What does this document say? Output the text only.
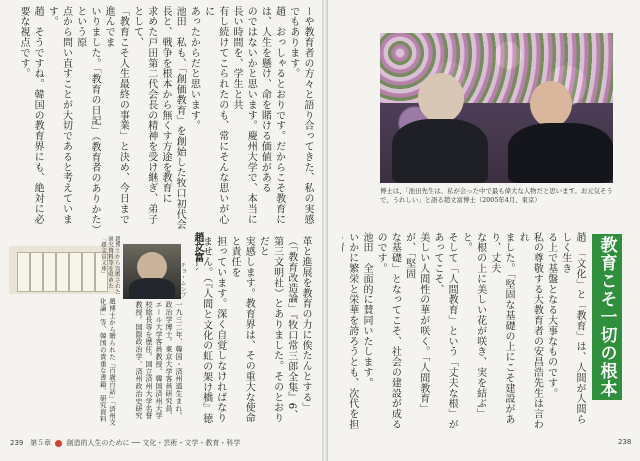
ーや教育者の方々と語り合ってきた、私の実感でもあります。
趙　おっしゃるとおりです。だからこそ教育には、人生を懸け、命を賭ける価値がある
のではないかと思います。慶州大学で、本当に長い時間を、学生と共
有し続けてこられたのも、常にそんな思いが心に
あったからだと思います。
池田　私も、「創価教育」を創始した牧口初代会長と、戦争を根本から無くす方途を教育に
求めた戸田第二代会長の精神を受け継ぎ、弟子として、
「教育こそ人生最終の事業」と決め、今日まで進んでま
いりました。「教育の日記」（教育者のありかた）という原
点から問い直すことが大切であると考えています。
趙　そうですね。韓国の教育界にも、絶対に必要な視点です。

趙文富
チョ・ムンブ
一九三二年、韓国・済州道生まれ。政治学博士。東京大学客員研究員、エール大学客員教授、韓国済州大学校総長等を歴任。国立済州大学名誉教授。国際政治学、済州政治史研究
趙博士から贈られた「百歳百話」「済州文化論」等、韓国の貴重な書籍、研究資料
趙博士から寄贈された研究資料等を収めた「趙文富文庫」	革と進展を教育の力に俟たんとする」（「教育改造論」『牧口常三郎全集』6、第三文明社）とありました。そのとおりだと
実感します。教育界は、その重大な使命と責任を
担っています。深く自覚しなければなりません。（『人間と文化の虹の架け橋』徳

239 第５章 創造的人生のために ── 文化・芸術・文学・教育・科学
博士は、「池田先生は、私が会った中で最も偉大な人物だと思います。お元気そうで、うれしい」と語る趙文富博士（2005年4月、東京）
教育こそ一切の根本

趙　「文化」と「教育」は、人間が人間らしく生き
る上で基盤となる大事なものです。
私の尊敬する大教育者の安昌浩先生は言われ
ました。「堅固な基礎の上にこそ建設があり、丈夫
な根の上に美しい花が咲き、実を結ぶ」と。
そして「人間教育」という「丈夫な根」があってこそ、
美しい人間性の華が咲く。「人間教育」が、「堅固
な基礎」となってこそ、社会の建設が成るのです。
池田　全面的に賛同いたします。
いかに繁栄と栄華を誇ろうとも、次代を担

238
